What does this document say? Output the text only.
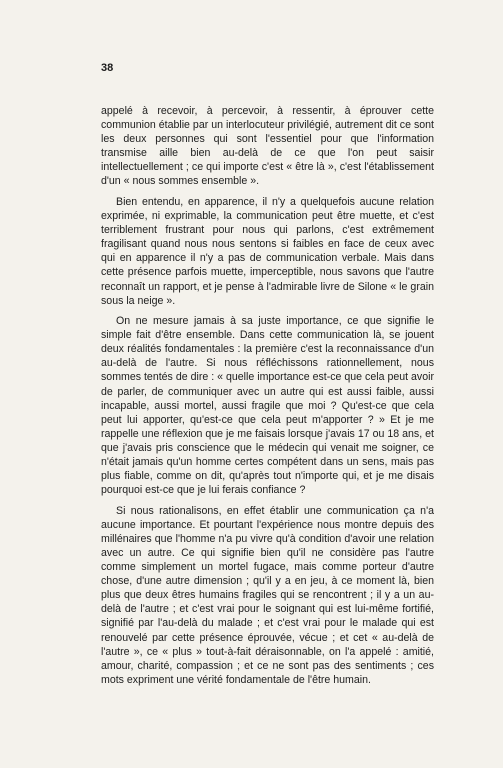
38

appelé à recevoir, à percevoir, à ressentir, à éprouver cette communion établie par un interlocuteur privilégié, autrement dit ce sont les deux personnes qui sont l'essentiel pour que l'information transmise aille bien au-delà de ce que l'on peut saisir intellectuellement ; ce qui importe c'est « être là », c'est l'établissement d'un « nous sommes ensemble ».

Bien entendu, en apparence, il n'y a quelquefois aucune relation exprimée, ni exprimable, la communication peut être muette, et c'est terriblement frustrant pour nous qui parlons, c'est extrêmement fragilisant quand nous nous sentons si faibles en face de ceux avec qui en apparence il n'y a pas de communication verbale. Mais dans cette présence parfois muette, imperceptible, nous savons que l'autre reconnaît un rapport, et je pense à l'admirable livre de Silone « le grain sous la neige ».

On ne mesure jamais à sa juste importance, ce que signifie le simple fait d'être ensemble. Dans cette communication là, se jouent deux réalités fondamentales : la première c'est la reconnaissance d'un au-delà de l'autre. Si nous réfléchissons rationnellement, nous sommes tentés de dire : « quelle importance est-ce que cela peut avoir de parler, de communiquer avec un autre qui est aussi faible, aussi incapable, aussi mortel, aussi fragile que moi ? Qu'est-ce que cela peut lui apporter, qu'est-ce que cela peut m'apporter ? » Et je me rappelle une réflexion que je me faisais lorsque j'avais 17 ou 18 ans, et que j'avais pris conscience que le médecin qui venait me soigner, ce n'était jamais qu'un homme certes compétent dans un sens, mais pas plus fiable, comme on dit, qu'après tout n'importe qui, et je me disais pourquoi est-ce que je lui ferais confiance ?

Si nous rationalisons, en effet établir une communication ça n'a aucune importance. Et pourtant l'expérience nous montre depuis des millénaires que l'homme n'a pu vivre qu'à condition d'avoir une relation avec un autre. Ce qui signifie bien qu'il ne considère pas l'autre comme simplement un mortel fugace, mais comme porteur d'autre chose, d'une autre dimension ; qu'il y a en jeu, à ce moment là, bien plus que deux êtres humains fragiles qui se rencontrent ; il y a un au-delà de l'autre ; et c'est vrai pour le soignant qui est lui-même fortifié, signifié par l'au-delà du malade ; et c'est vrai pour le malade qui est renouvelé par cette présence éprouvée, vécue ; et cet « au-delà de l'autre », ce « plus » tout-à-fait déraisonnable, on l'a appelé : amitié, amour, charité, compassion ; et ce ne sont pas des sentiments ; ces mots expriment une vérité fondamentale de l'être humain.
